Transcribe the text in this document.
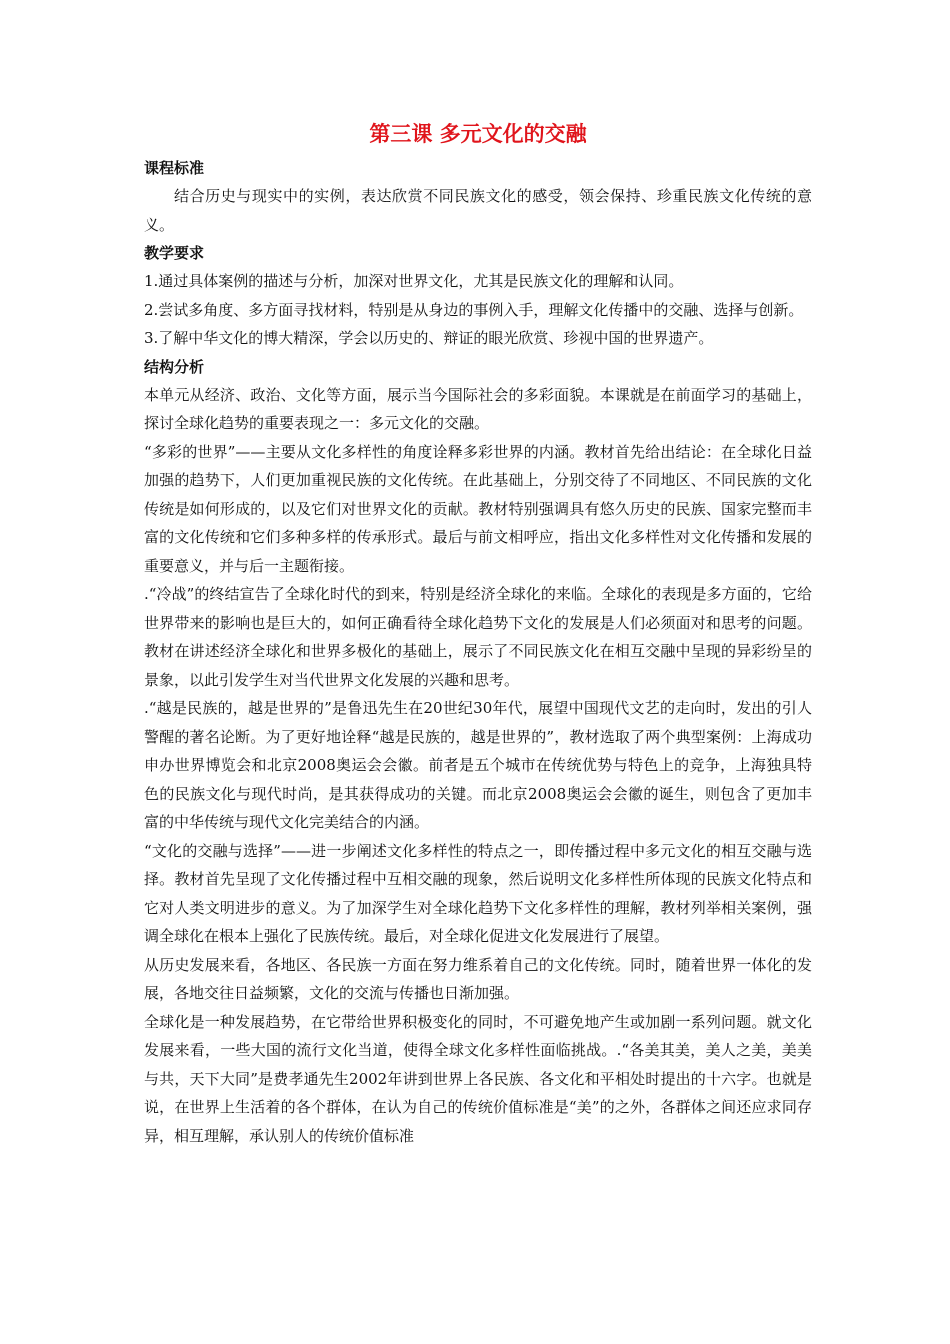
第三课 多元文化的交融
课程标准

结合历史与现实中的实例，表达欣赏不同民族文化的感受，领会保持、珍重民族文化传统的意义。

教学要求

1.通过具体案例的描述与分析，加深对世界文化，尤其是民族文化的理解和认同。

2.尝试多角度、多方面寻找材料，特别是从身边的事例入手，理解文化传播中的交融、选择与创新。

3.了解中华文化的博大精深，学会以历史的、辩证的眼光欣赏、珍视中国的世界遗产。

结构分析

本单元从经济、政治、文化等方面，展示当今国际社会的多彩面貌。本课就是在前面学习的基础上，探讨全球化趋势的重要表现之一：多元文化的交融。

“多彩的世界”——主要从文化多样性的角度诠释多彩世界的内涵。教材首先给出结论：在全球化日益加强的趋势下，人们更加重视民族的文化传统。在此基础上，分别交待了不同地区、不同民族的文化传统是如何形成的，以及它们对世界文化的贡献。教材特别强调具有悠久历史的民族、国家完整而丰富的文化传统和它们多种多样的传承形式。最后与前文相呼应，指出文化多样性对文化传播和发展的重要意义，并与后一主题衔接。

.“冷战”的终结宣告了全球化时代的到来，特别是经济全球化的来临。全球化的表现是多方面的，它给世界带来的影响也是巨大的，如何正确看待全球化趋势下文化的发展是人们必须面对和思考的问题。教材在讲述经济全球化和世界多极化的基础上，展示了不同民族文化在相互交融中呈现的异彩纷呈的景象，以此引发学生对当代世界文化发展的兴趣和思考。

.“越是民族的，越是世界的”是鲁迅先生在20世纪30年代，展望中国现代文艺的走向时，发出的引人警醒的著名论断。为了更好地诠释“越是民族的，越是世界的”，教材选取了两个典型案例：上海成功申办世界博览会和北京2008奥运会会徽。前者是五个城市在传统优势与特色上的竞争，上海独具特色的民族文化与现代时尚，是其获得成功的关键。而北京2008奥运会会徽的诞生，则包含了更加丰富的中华传统与现代文化完美结合的内涵。

“文化的交融与选择”——进一步阐述文化多样性的特点之一，即传播过程中多元文化的相互交融与选择。教材首先呈现了文化传播过程中互相交融的现象，然后说明文化多样性所体现的民族文化特点和它对人类文明进步的意义。为了加深学生对全球化趋势下文化多样性的理解，教材列举相关案例，强调全球化在根本上强化了民族传统。最后，对全球化促进文化发展进行了展望。

从历史发展来看，各地区、各民族一方面在努力维系着自己的文化传统。同时，随着世界一体化的发展，各地交往日益频繁，文化的交流与传播也日渐加强。

全球化是一种发展趋势，在它带给世界积极变化的同时，不可避免地产生或加剧一系列问题。就文化发展来看，一些大国的流行文化当道，使得全球文化多样性面临挑战。.“各美其美，美人之美，美美与共，天下大同”是费孝通先生2002年讲到世界上各民族、各文化和平相处时提出的十六字。也就是说，在世界上生活着的各个群体，在认为自己的传统价值标准是“美”的之外，各群体之间还应求同存异，相互理解，承认别人的传统价值标准
